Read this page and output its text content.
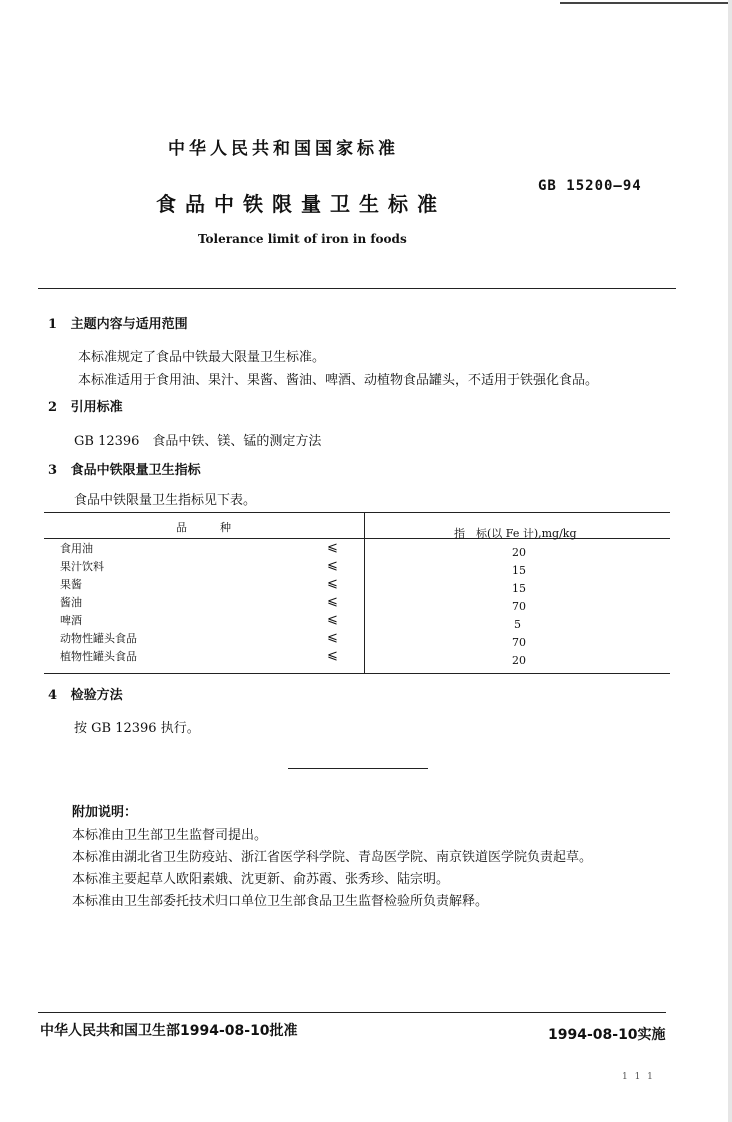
中华人民共和国国家标准
食品中铁限量卫生标准
GB 15200—94
Tolerance limit of iron in foods
1 主题内容与适用范围
本标准规定了食品中铁最大限量卫生标准。
本标准适用于食用油、果汁、果酱、酱油、啤酒、动植物食品罐头，不适用于铁强化食品。
2 引用标准
GB 12396　食品中铁、镁、锰的测定方法
3 食品中铁限量卫生指标
食品中铁限量卫生指标见下表。
品　　　种	指　标(以 Fe 计),mg/kg
食用油	⩽	20
果汁饮料	⩽	15
果酱	⩽	15
酱油	⩽	70
啤酒	⩽	5
动物性罐头食品	⩽	70
植物性罐头食品	⩽	20
4 检验方法
按 GB 12396 执行。
附加说明：
本标准由卫生部卫生监督司提出。
本标准由湖北省卫生防疫站、浙江省医学科学院、青岛医学院、南京铁道医学院负责起草。
本标准主要起草人欧阳素娥、沈更新、俞苏霞、张秀珍、陆宗明。
本标准由卫生部委托技术归口单位卫生部食品卫生监督检验所负责解释。
中华人民共和国卫生部1994-08-10批准	1994-08-10实施
1 1 1
